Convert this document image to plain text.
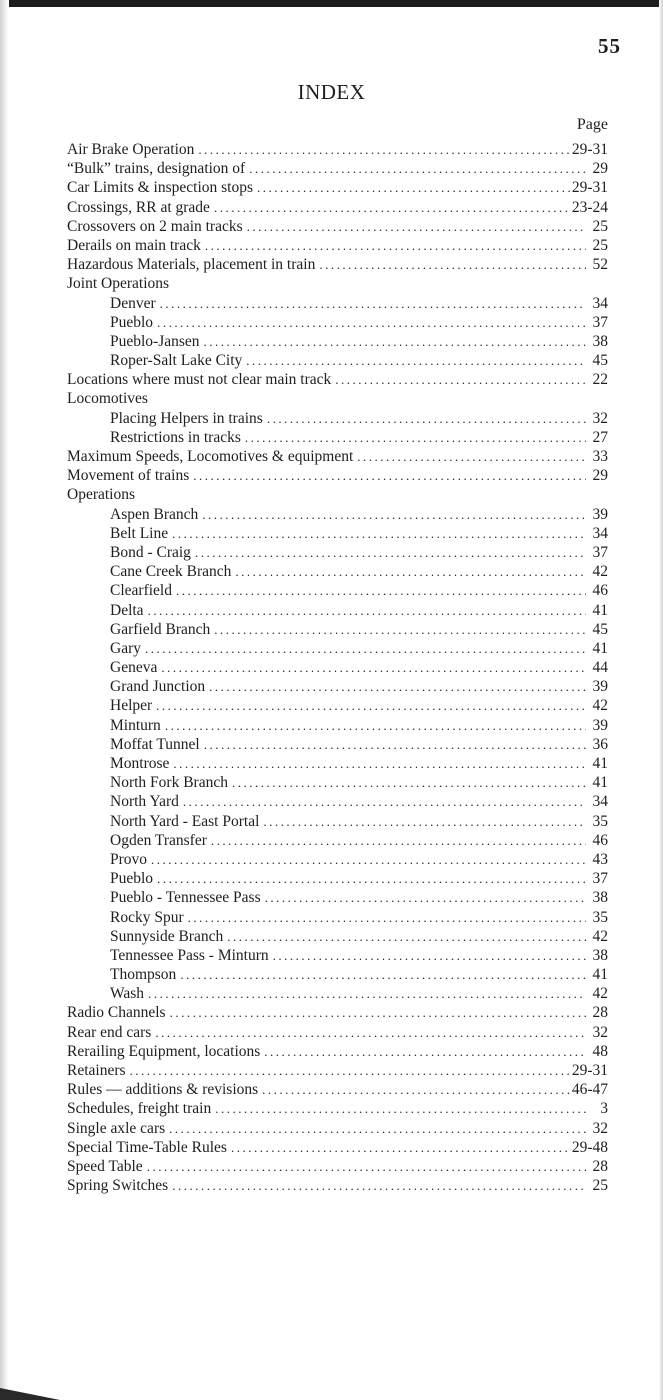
55
INDEX
Page
Air Brake Operation .....	29-31
“Bulk” trains, designation of .....	29
Car Limits & inspection stops .....	29-31
Crossings, RR at grade .....	23-24
Crossovers on 2 main tracks .....	25
Derails on main track .....	25
Hazardous Materials, placement in train .....	52
Joint Operations
Denver .....	34
Pueblo .....	37
Pueblo-Jansen .....	38
Roper-Salt Lake City .....	45
Locations where must not clear main track .....	22
Locomotives
Placing Helpers in trains .....	32
Restrictions in tracks .....	27
Maximum Speeds, Locomotives & equipment .....	33
Movement of trains .....	29
Operations
Aspen Branch .....	39
Belt Line .....	34
Bond - Craig .....	37
Cane Creek Branch .....	42
Clearfield .....	46
Delta .....	41
Garfield Branch .....	45
Gary .....	41
Geneva .....	44
Grand Junction .....	39
Helper .....	42
Minturn .....	39
Moffat Tunnel .....	36
Montrose .....	41
North Fork Branch .....	41
North Yard .....	34
North Yard - East Portal .....	35
Ogden Transfer .....	46
Provo .....	43
Pueblo .....	37
Pueblo - Tennessee Pass .....	38
Rocky Spur .....	35
Sunnyside Branch .....	42
Tennessee Pass - Minturn .....	38
Thompson .....	41
Wash .....	42
Radio Channels .....	28
Rear end cars .....	32
Rerailing Equipment, locations .....	48
Retainers .....	29-31
Rules — additions & revisions .....	46-47
Schedules, freight train .....	3
Single axle cars .....	32
Special Time-Table Rules .....	29-48
Speed Table .....	28
Spring Switches .....	25
